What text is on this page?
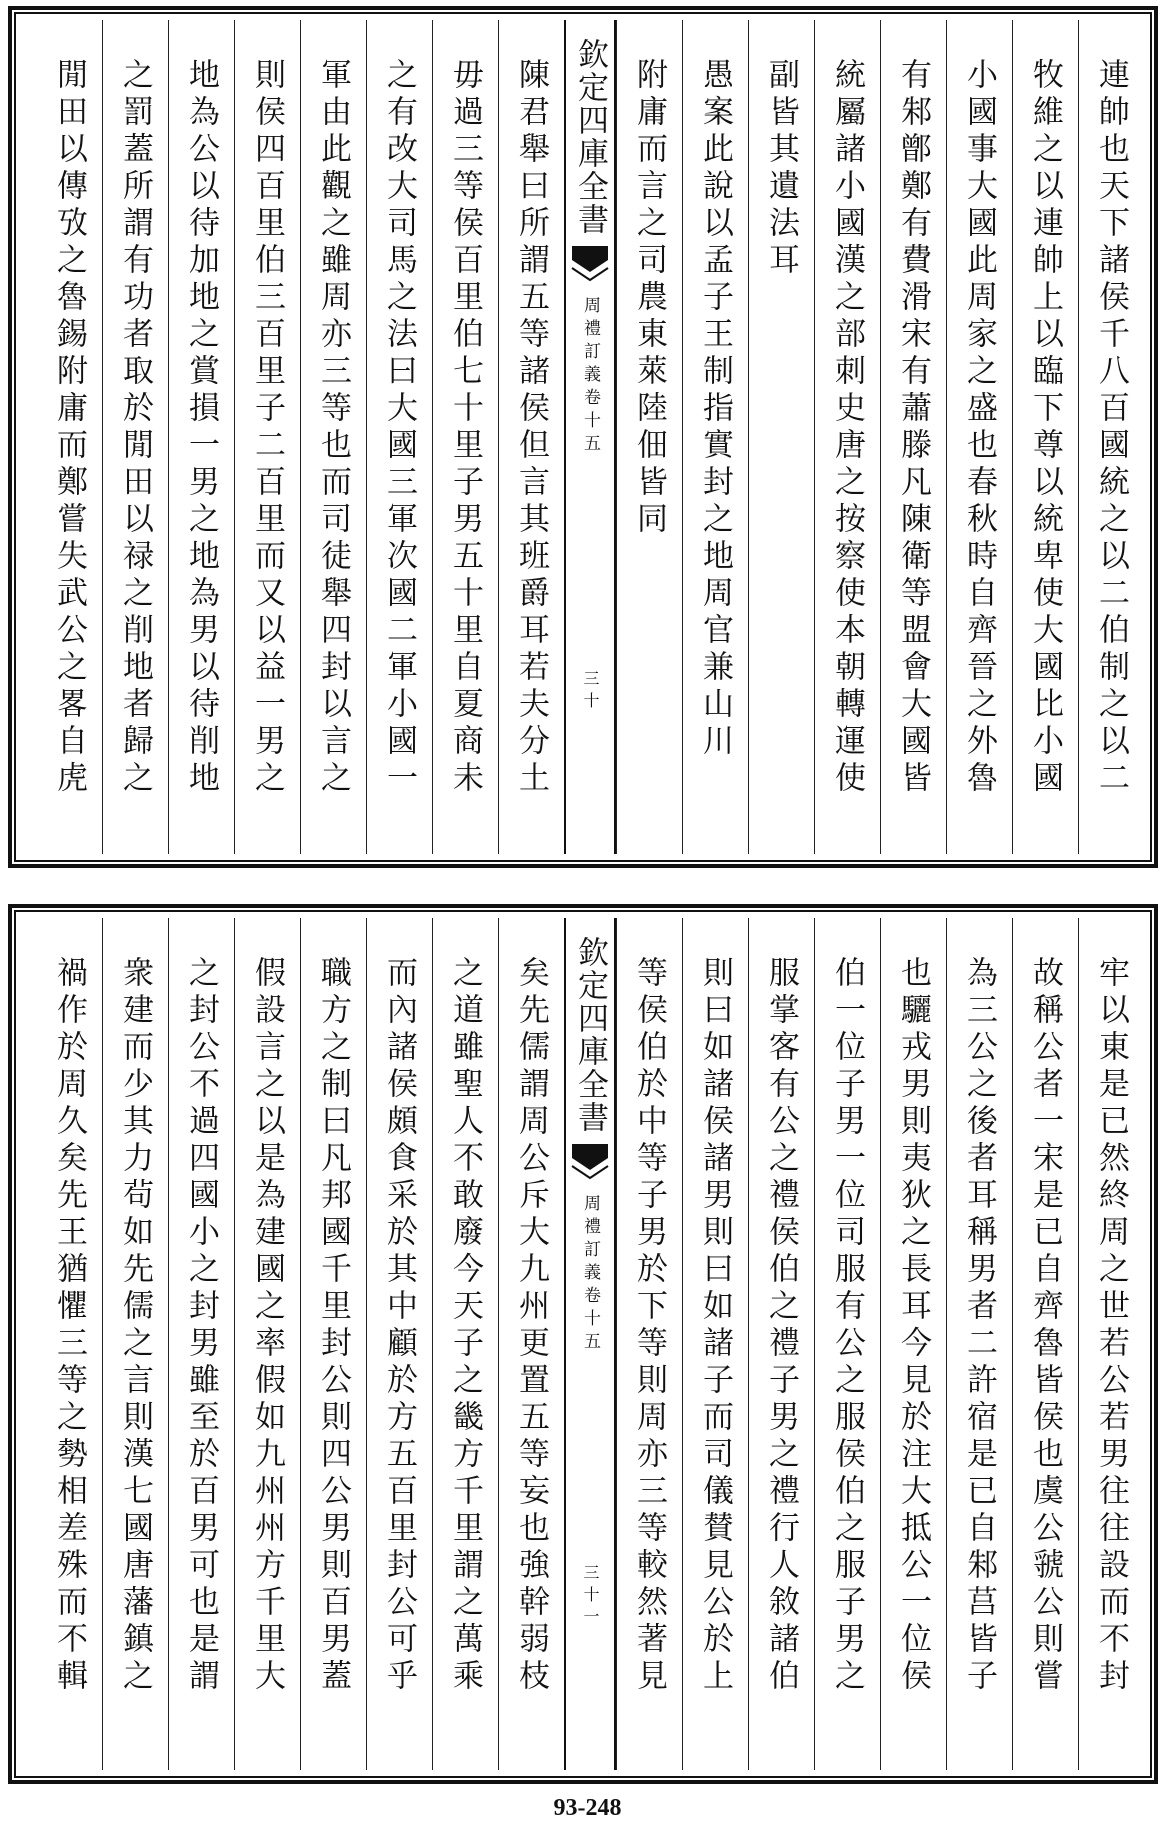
連帥也天下諸侯千八百國統之以二伯制之以二
牧維之以連帥上以臨下尊以統卑使大國比小國
小國事大國此周家之盛也春秋時自齊晉之外魯
有邾鄫鄭有費滑宋有蕭滕凡陳衛等盟會大國皆
統屬諸小國漢之部刺史唐之按察使本朝轉運使
副皆其遺法耳
愚案此說以孟子王制指實封之地周官兼山川
附庸而言之司農東萊陸佃皆同
欽定四庫全書
周禮訂義
卷十五
三十
陳君舉曰所謂五等諸侯但言其班爵耳若夫分土
毋過三等侯百里伯七十里子男五十里自夏商未
之有改大司馬之法曰大國三軍次國二軍小國一
軍由此觀之雖周亦三等也而司徒舉四封以言之
則侯四百里伯三百里子二百里而又以益一男之
地為公以待加地之賞損一男之地為男以待削地
之罰蓋所謂有功者取於閒田以禄之削地者歸之
閒田以傳攷之魯錫附庸而鄭嘗失武公之畧自虎
牢以東是已然終周之世若公若男往往設而不封
故稱公者一宋是已自齊魯皆侯也虞公虢公則嘗
為三公之後者耳稱男者二許宿是已自邾莒皆子
也驪戎男則夷狄之長耳今見於注大抵公一位侯
伯一位子男一位司服有公之服侯伯之服子男之
服掌客有公之禮侯伯之禮子男之禮行人敘諸伯
則曰如諸侯諸男則曰如諸子而司儀賛見公於上
等侯伯於中等子男於下等則周亦三等較然著見
欽定四庫全書
周禮訂義
卷十五
三十一
矣先儒謂周公斥大九州更置五等妄也強幹弱枝
之道雖聖人不敢廢今天子之畿方千里謂之萬乘
而內諸侯頗食采於其中顧於方五百里封公可乎
職方之制曰凡邦國千里封公則四公男則百男蓋
假設言之以是為建國之率假如九州州方千里大
之封公不過四國小之封男雖至於百男可也是謂
衆建而少其力茍如先儒之言則漢七國唐藩鎮之
禍作於周久矣先王猶懼三等之勢相差殊而不輯
93-248
